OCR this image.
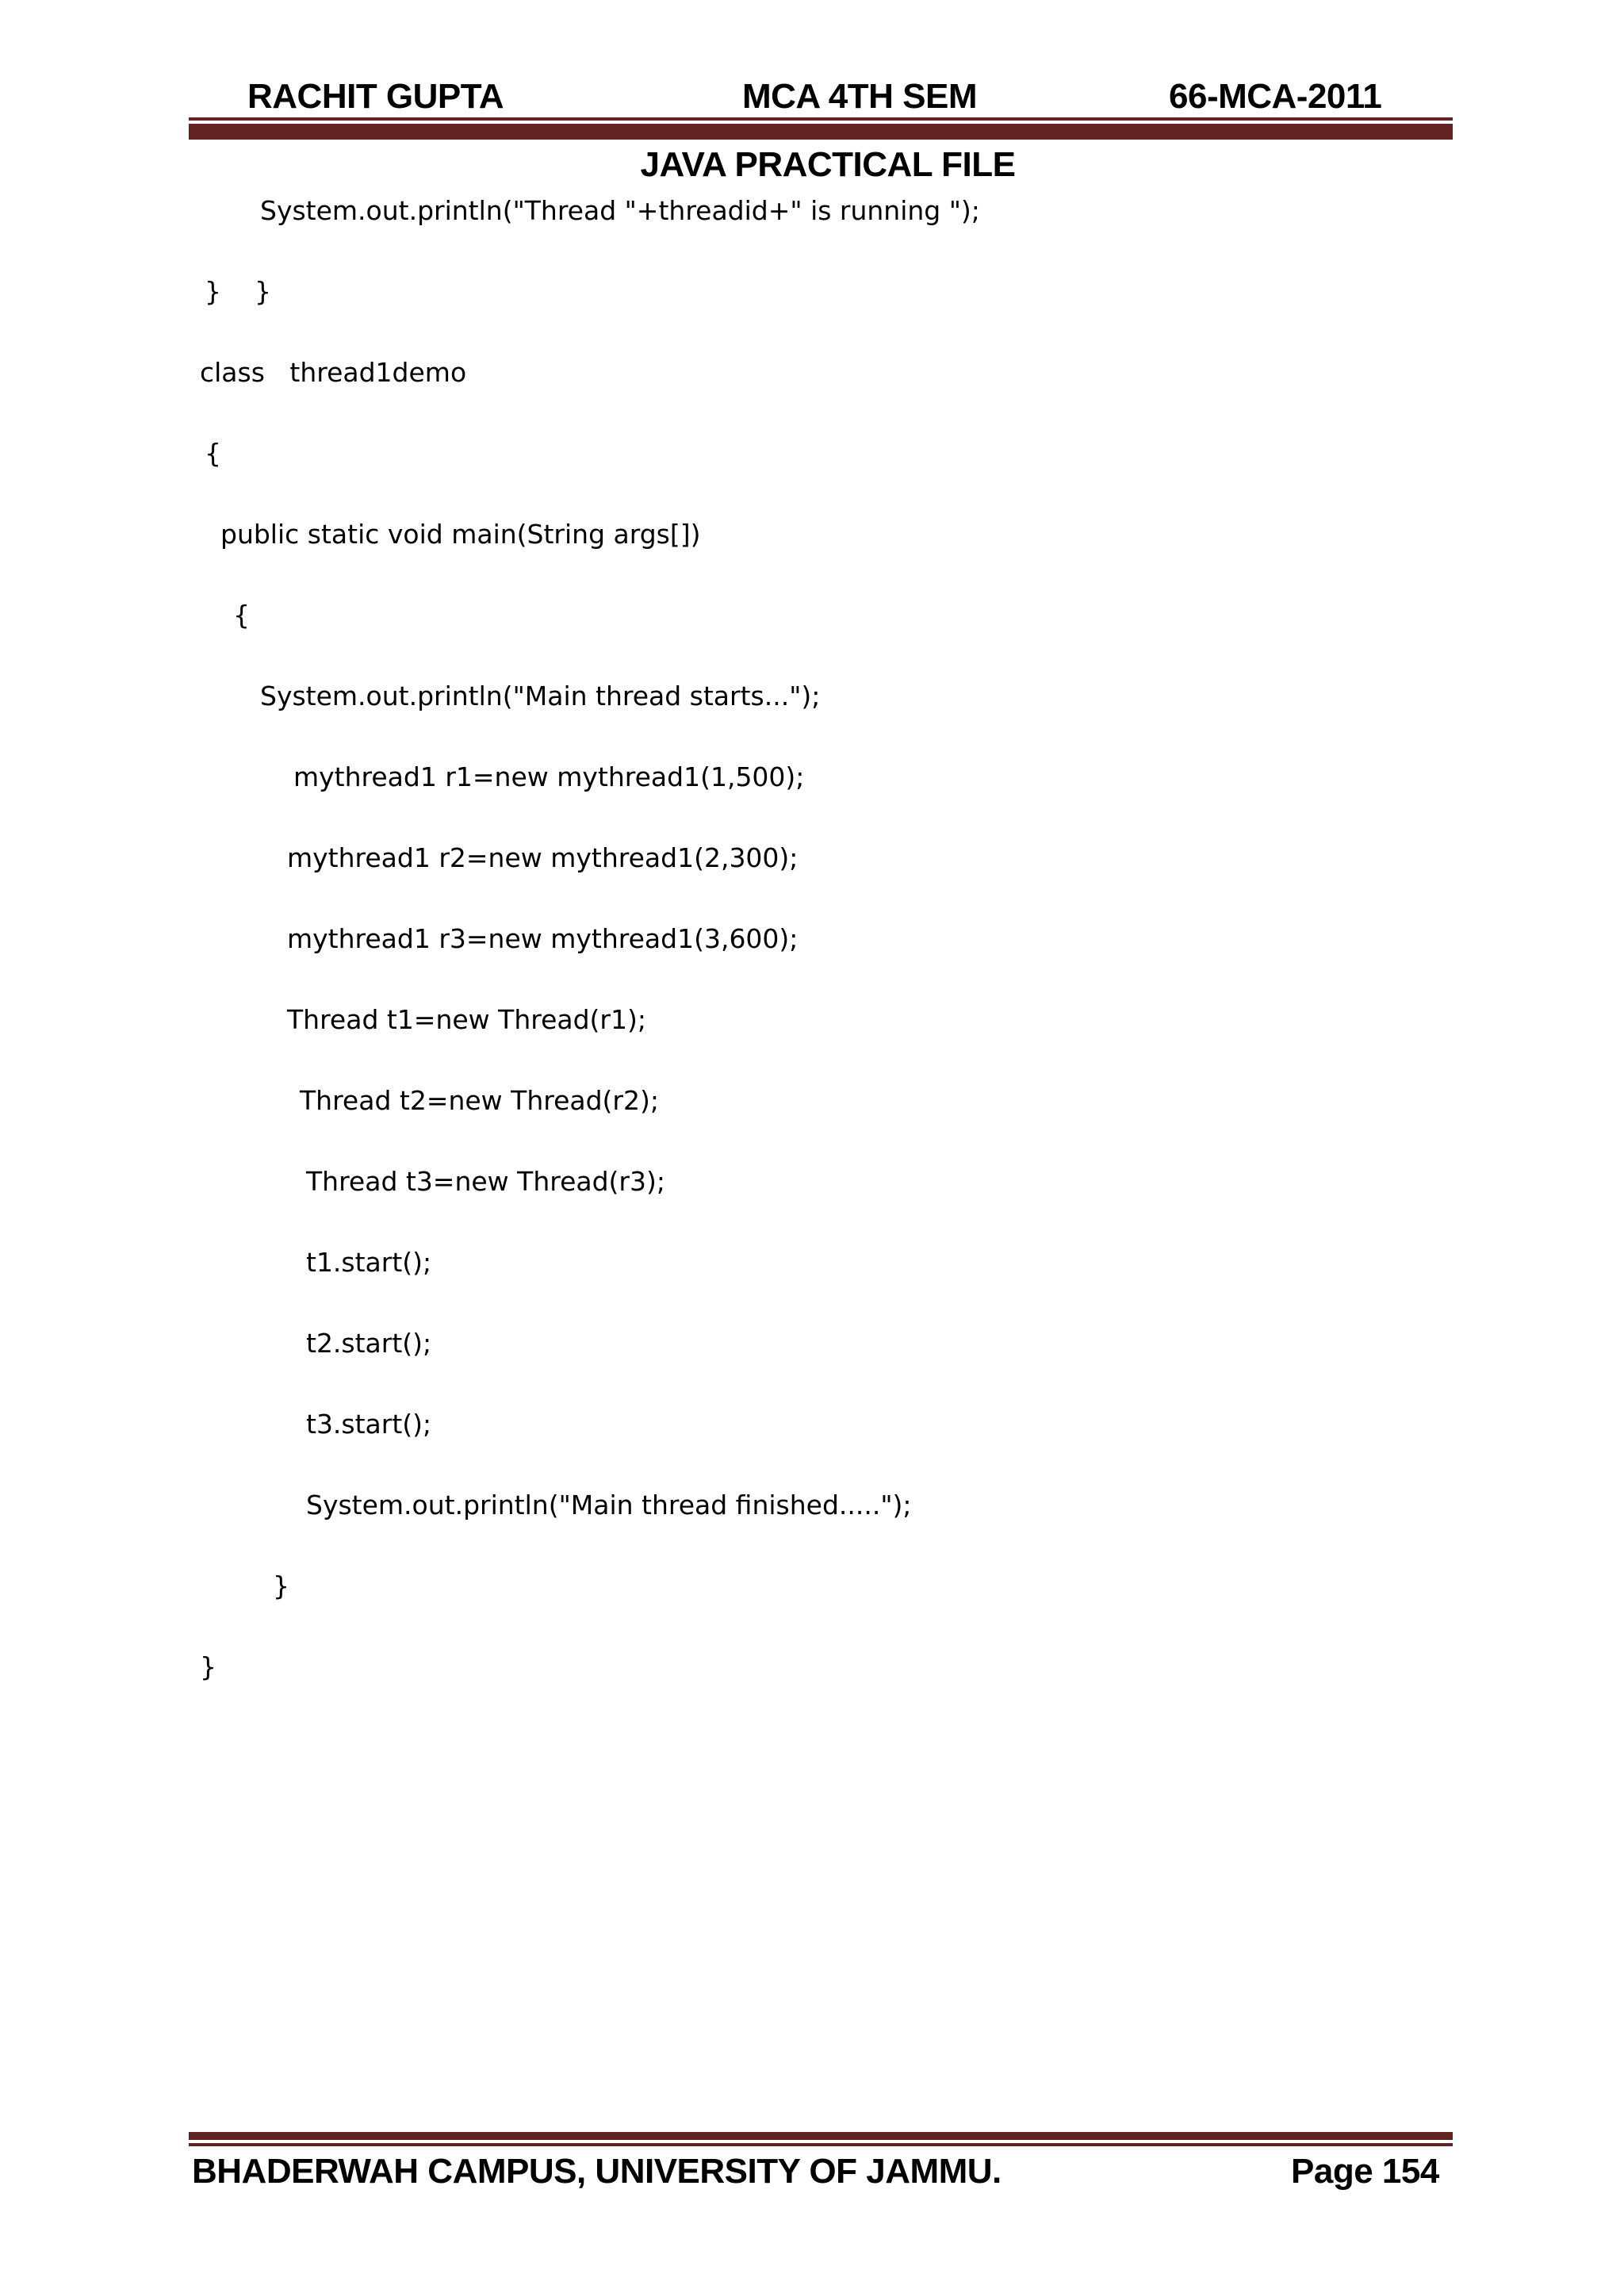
RACHIT GUPTA	MCA 4TH SEM	66-MCA-2011
JAVA PRACTICAL FILE
System.out.println("Thread "+threadid+" is running ");
}    }
class   thread1demo
{
public static void main(String args[])
{
System.out.println("Main thread starts...");
mythread1 r1=new mythread1(1,500);
mythread1 r2=new mythread1(2,300);
mythread1 r3=new mythread1(3,600);
Thread t1=new Thread(r1);
Thread t2=new Thread(r2);
Thread t3=new Thread(r3);
t1.start();
t2.start();
t3.start();
System.out.println("Main thread finished.....");
}
}
BHADERWAH CAMPUS, UNIVERSITY OF JAMMU.	Page 154
